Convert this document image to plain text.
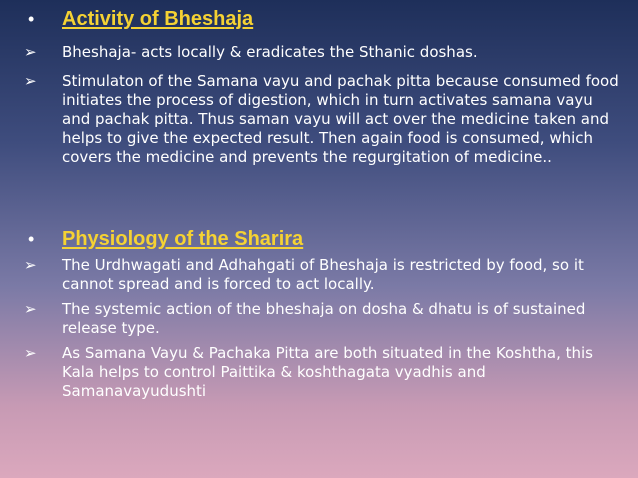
•	Activity of Bheshaja
➢	Bheshaja- acts locally & eradicates the Sthanic doshas.
➢	Stimulaton of the Samana vayu and pachak pitta because consumed food initiates the process of digestion, which in turn activates samana vayu and pachak pitta. Thus saman vayu will act over the medicine taken and helps to give the expected result. Then again food is consumed, which covers the medicine and prevents the regurgitation of medicine..
•	Physiology of the Sharira
➢	The Urdhwagati and Adhahgati of Bheshaja is restricted by food, so it cannot spread and is forced to act locally.
➢	The systemic action of the bheshaja on dosha & dhatu is of sustained release type.
➢	As Samana Vayu & Pachaka Pitta are both situated in the Koshtha, this Kala helps to control Paittika & koshthagata vyadhis and Samanavayudushti
